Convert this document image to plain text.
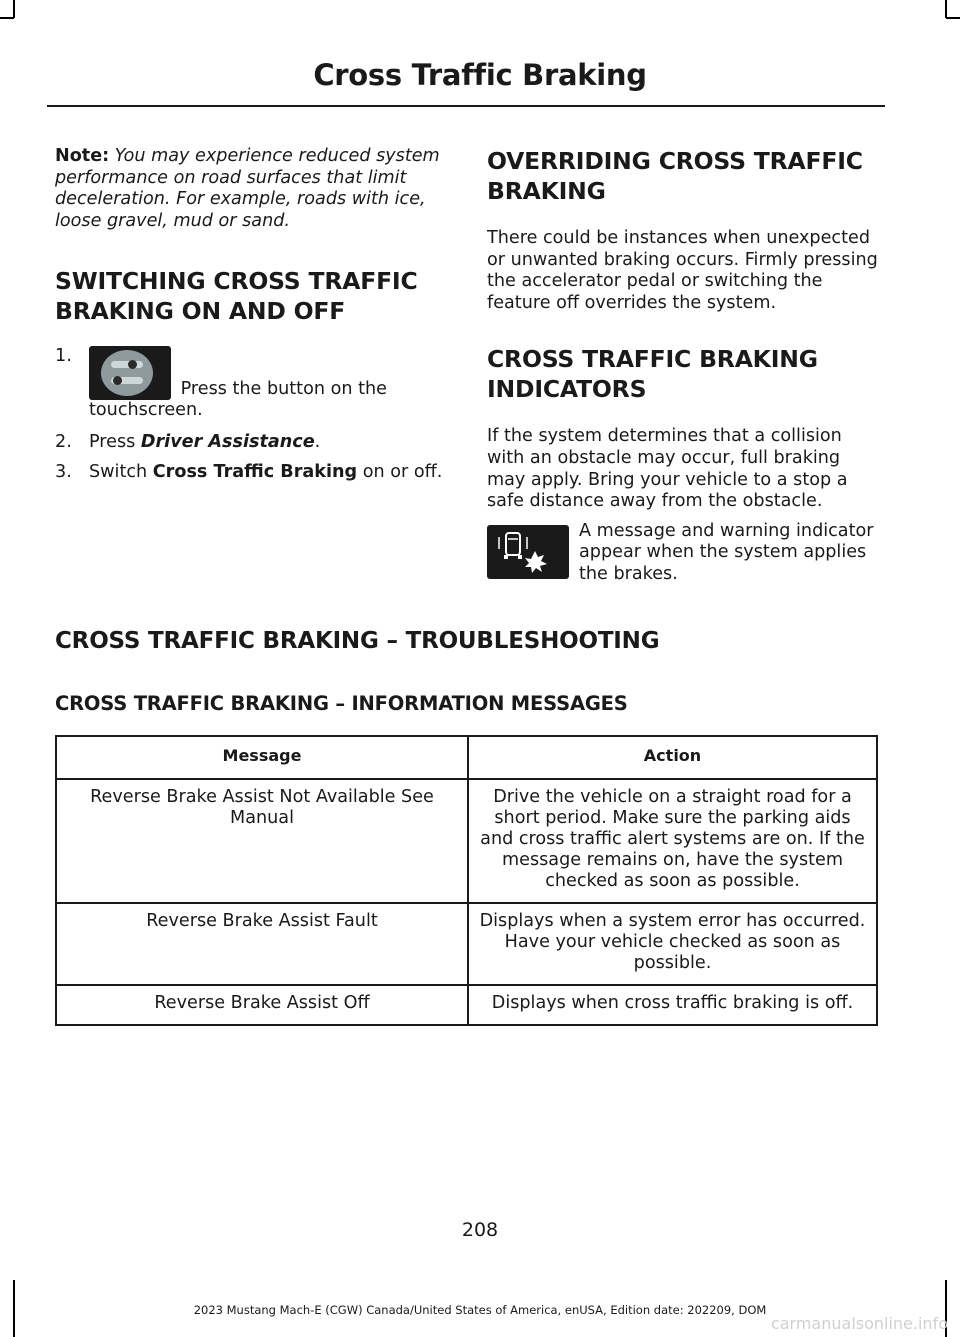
Cross Traffic Braking

Note: You may experience reduced system performance on road surfaces that limit deceleration. For example, roads with ice, loose gravel, mud or sand.

SWITCHING CROSS TRAFFIC
BRAKING ON AND OFF
1.
Press the button on the touchscreen.
2. Press Driver Assistance.
3. Switch Cross Traffic Braking on or off.
OVERRIDING CROSS TRAFFIC
BRAKING

There could be instances when unexpected or unwanted braking occurs. Firmly pressing the accelerator pedal or switching the feature off overrides the system.

CROSS TRAFFIC BRAKING
INDICATORS

If the system determines that a collision with an obstacle may occur, full braking may apply. Bring your vehicle to a stop a safe distance away from the obstacle.

A message and warning indicator appear when the system applies the brakes.

CROSS TRAFFIC BRAKING – TROUBLESHOOTING
CROSS TRAFFIC BRAKING – INFORMATION MESSAGES
Message	Action
Reverse Brake Assist Not Available See Manual	Drive the vehicle on a straight road for a short period. Make sure the parking aids and cross traffic alert systems are on. If the message remains on, have the system checked as soon as possible.
Reverse Brake Assist Fault	Displays when a system error has occurred. Have your vehicle checked as soon as possible.
Reverse Brake Assist Off	Displays when cross traffic braking is off.
208
2023 Mustang Mach-E (CGW) Canada/United States of America, enUSA, Edition date: 202209, DOM
carmanualsonline.info
